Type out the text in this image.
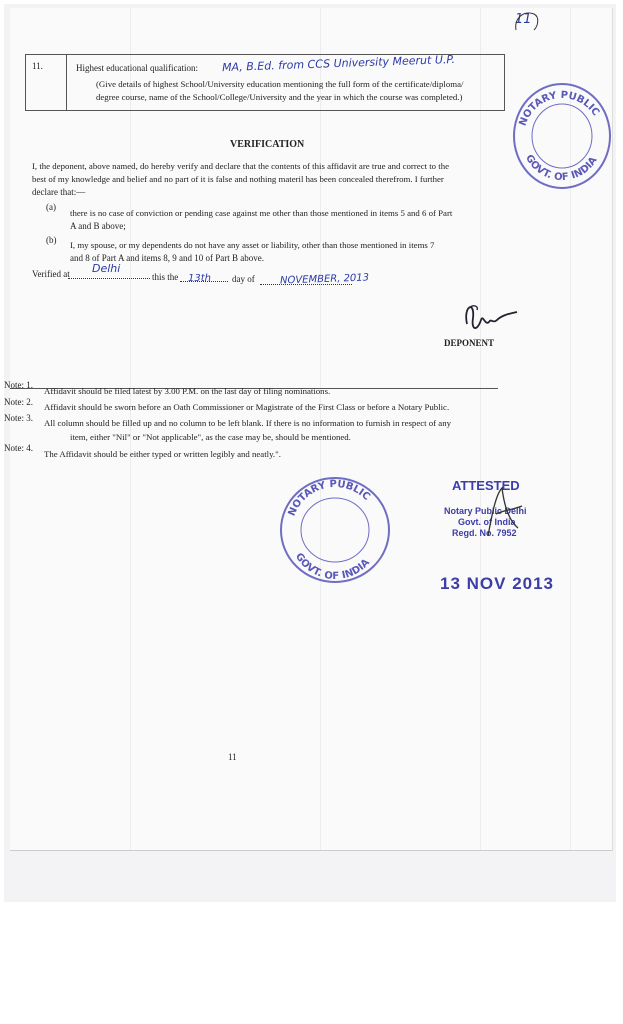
11
11.	Highest educational qualification: MA, B.Ed. from CCS University Meerut U.P.
(Give details of highest School/University education mentioning the full form of the certificate/diploma/
degree course, name of the School/College/University and the year in which the course was completed.)
NOTARY PUBLIC
GOVT. OF INDIA
VERIFICATION
I, the deponent, above named, do hereby verify and declare that the contents of this affidavit are true and correct to the
best of my knowledge and belief and no part of it is false and nothing materil has been concealed therefrom. I further
declare that:—
(a)
there is no case of conviction or pending case against me other than those mentioned in items 5 and 6 of Part
A and B above;
(b) I, my spouse, or my dependents do not have any asset or liability, other than those mentioned in items 7
and 8 of Part A and items 8, 9 and 10 of Part B above.
Verified at Delhi
this the 13th day of	NOVEMBER, 2013
DEPONENT
Note: 1.
Affidavit should be filed latest by 3.00 P.M. on the last day of filing nominations.
Note: 2. Affidavit should be sworn before an Oath Commissioner or Magistrate of the First Class or before a Notary Public.
Note: 3. All column should be filled up and no column to be left blank. If there is no information to furnish in respect of any
item, either "Nil" or "Not applicable", as the case may be, should be mentioned.
Note: 4.
The Affidavit should be either typed or written legibly and neatly.".
NOTARY PUBLIC
GOVT. OF INDIA
ATTESTED
Notary Public Delhi
Govt. of India
Regd. No. 7952
13 NOV 2013
11
